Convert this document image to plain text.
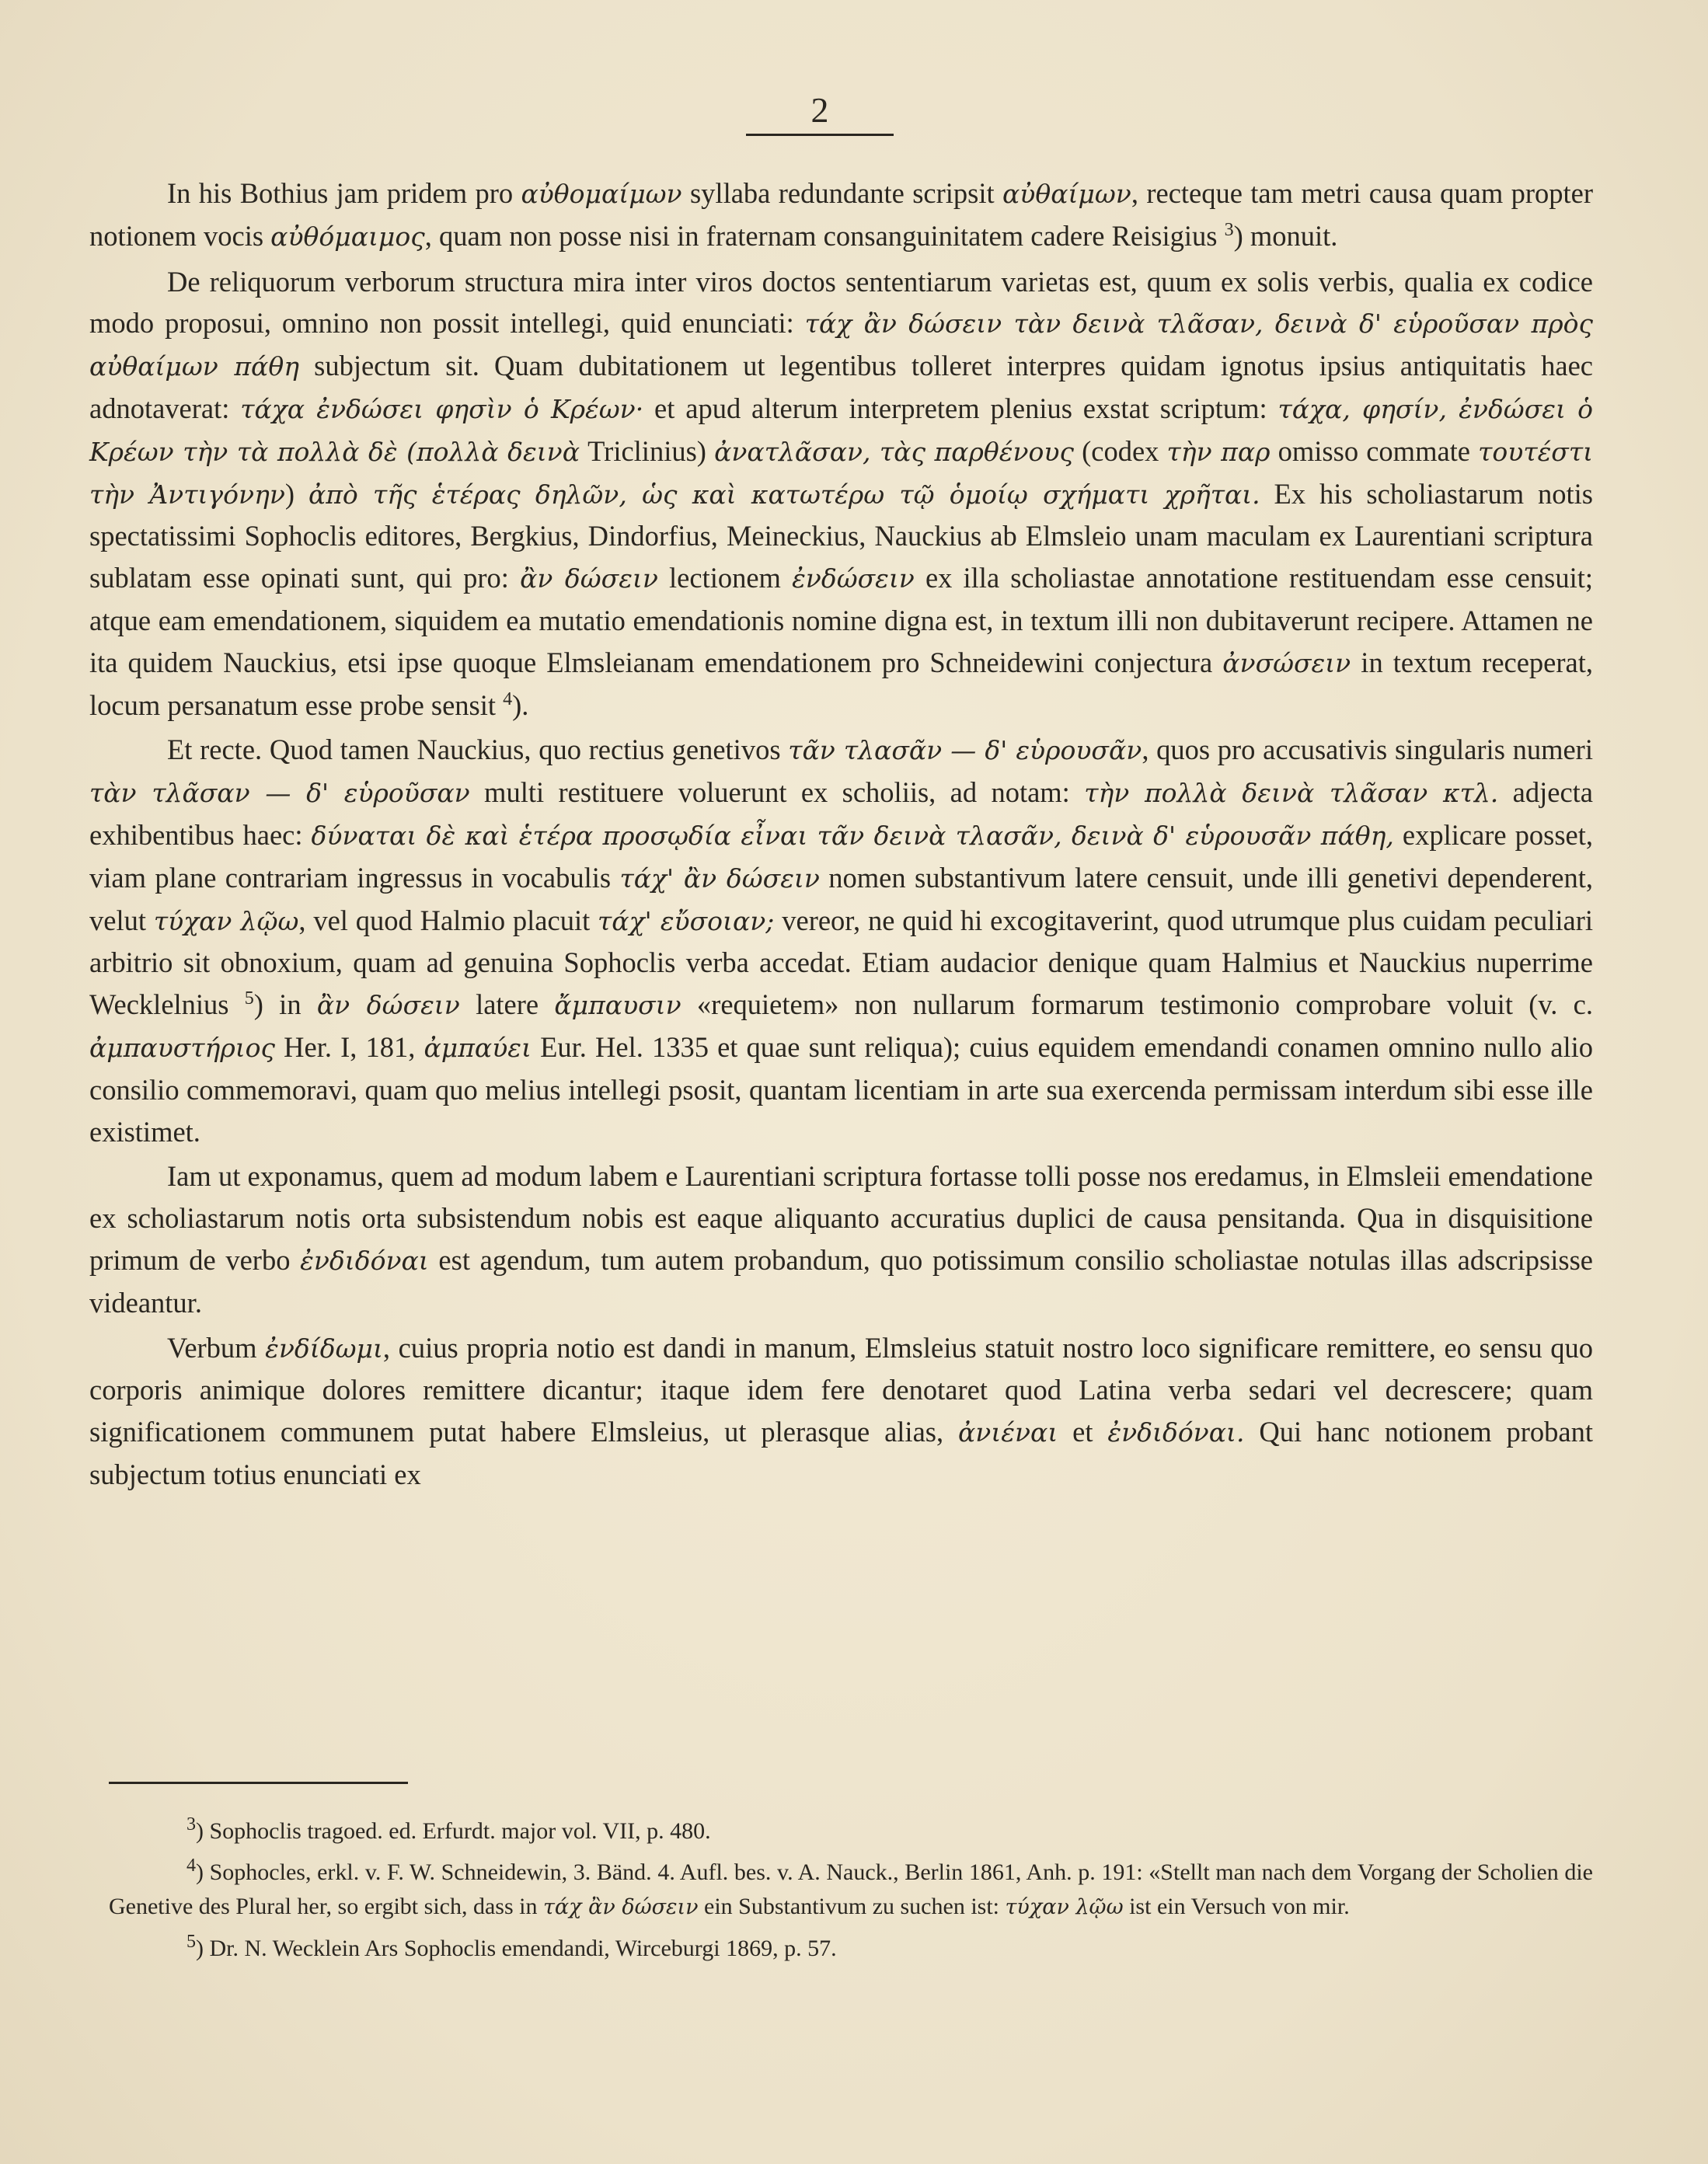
2

In his Bothius jam pridem pro αὐθομαίμων syllaba redundante scripsit αὐθαίμων, recteque tam metri causa quam propter notionem vocis αὐθόμαιμος, quam non posse nisi in fraternam consanguinitatem cadere Reisigius $^3$) monuit.

De reliquorum verborum structura mira inter viros doctos sententiarum varietas est, quum ex solis verbis, qualia ex codice modo proposui, omnino non possit intellegi, quid enunciati: τάχ ἂν δώσειν τὰν δεινὰ τλᾶσαν, δεινὰ δ' εὑροῦσαν πρὸς αὐθαίμων πάθη subjectum sit. Quam dubitationem ut legentibus tolleret interpres quidam ignotus ipsius antiquitatis haec adnotaverat: τάχα ἐνδώσει φησὶν ὁ Κρέων· et apud alterum interpretem plenius exstat scriptum: τάχα, φησίν, ἐνδώσει ὁ Κρέων τὴν τὰ πολλὰ δὲ (πολλὰ δεινὰ Triclinius) ἀνατλᾶσαν, τὰς παρθένους (codex τὴν παρ omisso commate τουτέστι τὴν Ἀντιγόνην) ἀπὸ τῆς ἑτέρας δηλῶν, ὡς καὶ κατωτέρω τῷ ὁμοίῳ σχήματι χρῆται. Ex his scholiastarum notis spectatissimi Sophoclis editores, Bergkius, Dindorfius, Meineckius, Nauckius ab Elmsleio unam maculam ex Laurentiani scriptura sublatam esse opinati sunt, qui pro: ἂν δώσειν lectionem ἐνδώσειν ex illa scholiastae annotatione restituendam esse censuit; atque eam emendationem, siquidem ea mutatio emendationis nomine digna est, in textum illi non dubitaverunt recipere. Attamen ne ita quidem Nauckius, etsi ipse quoque Elmsleianam emendationem pro Schneidewini conjectura ἀνσώσειν in textum receperat, locum persanatum esse probe sensit $^4$).

Et recte. Quod tamen Nauckius, quo rectius genetivos τᾶν τλασᾶν — δ' εὑρουσᾶν, quos pro accusativis singularis numeri τὰν τλᾶσαν — δ' εὑροῦσαν multi restituere voluerunt ex scholiis, ad notam: τὴν πολλὰ δεινὰ τλᾶσαν κτλ. adjecta exhibentibus haec: δύναται δὲ καὶ ἑτέρα προσῳδία εἶναι τᾶν δεινὰ τλασᾶν, δεινὰ δ' εὑρουσᾶν πάθη, explicare posset, viam plane contrariam ingressus in vocabulis τάχ' ἂν δώσειν nomen substantivum latere censuit, unde illi genetivi dependerent, velut τύχαν λῷω, vel quod Halmio placuit τάχ' εὔσοιαν; vereor, ne quid hi excogitaverint, quod utrumque plus cuidam peculiari arbitrio sit obnoxium, quam ad genuina Sophoclis verba accedat. Etiam audacior denique quam Halmius et Nauckius nuperrime Wecklelnius $^5$) in ἂν δώσειν latere ἄμπαυσιν «requietem» non nullarum formarum testimonio comprobare voluit (v. c. ἀμπαυστήριος Her. I, 181, ἀμπαύει Eur. Hel. 1335 et quae sunt reliqua); cuius equidem emendandi conamen omnino nullo alio consilio commemoravi, quam quo melius intellegi psosit, quantam licentiam in arte sua exercenda permissam interdum sibi esse ille existimet.

Iam ut exponamus, quem ad modum labem e Laurentiani scriptura fortasse tolli posse nos eredamus, in Elmsleii emendatione ex scholiastarum notis orta subsistendum nobis est eaque aliquanto accuratius duplici de causa pensitanda. Qua in disquisitione primum de verbo ἐνδιδόναι est agendum, tum autem probandum, quo potissimum consilio scholiastae notulas illas adscripsisse videantur.

Verbum ἐνδίδωμι, cuius propria notio est dandi in manum, Elmsleius statuit nostro loco significare remittere, eo sensu quo corporis animique dolores remittere dicantur; itaque idem fere denotaret quod Latina verba sedari vel decrescere; quam significationem communem putat habere Elmsleius, ut plerasque alias, ἀνιέναι et ἐνδιδόναι. Qui hanc notionem probant subjectum totius enunciati ex

$^3$) Sophoclis tragoed. ed. Erfurdt. major vol. VII, p. 480.

$^4$) Sophocles, erkl. v. F. W. Schneidewin, 3. Bänd. 4. Aufl. bes. v. A. Nauck., Berlin 1861, Anh. p. 191: «Stellt man nach dem Vorgang der Scholien die Genetive des Plural her, so ergibt sich, dass in τάχ ἂν δώσειν ein Substantivum zu suchen ist: τύχαν λῷω ist ein Versuch von mir.

$^5$) Dr. N. Wecklein Ars Sophoclis emendandi, Wirceburgi 1869, p. 57.
